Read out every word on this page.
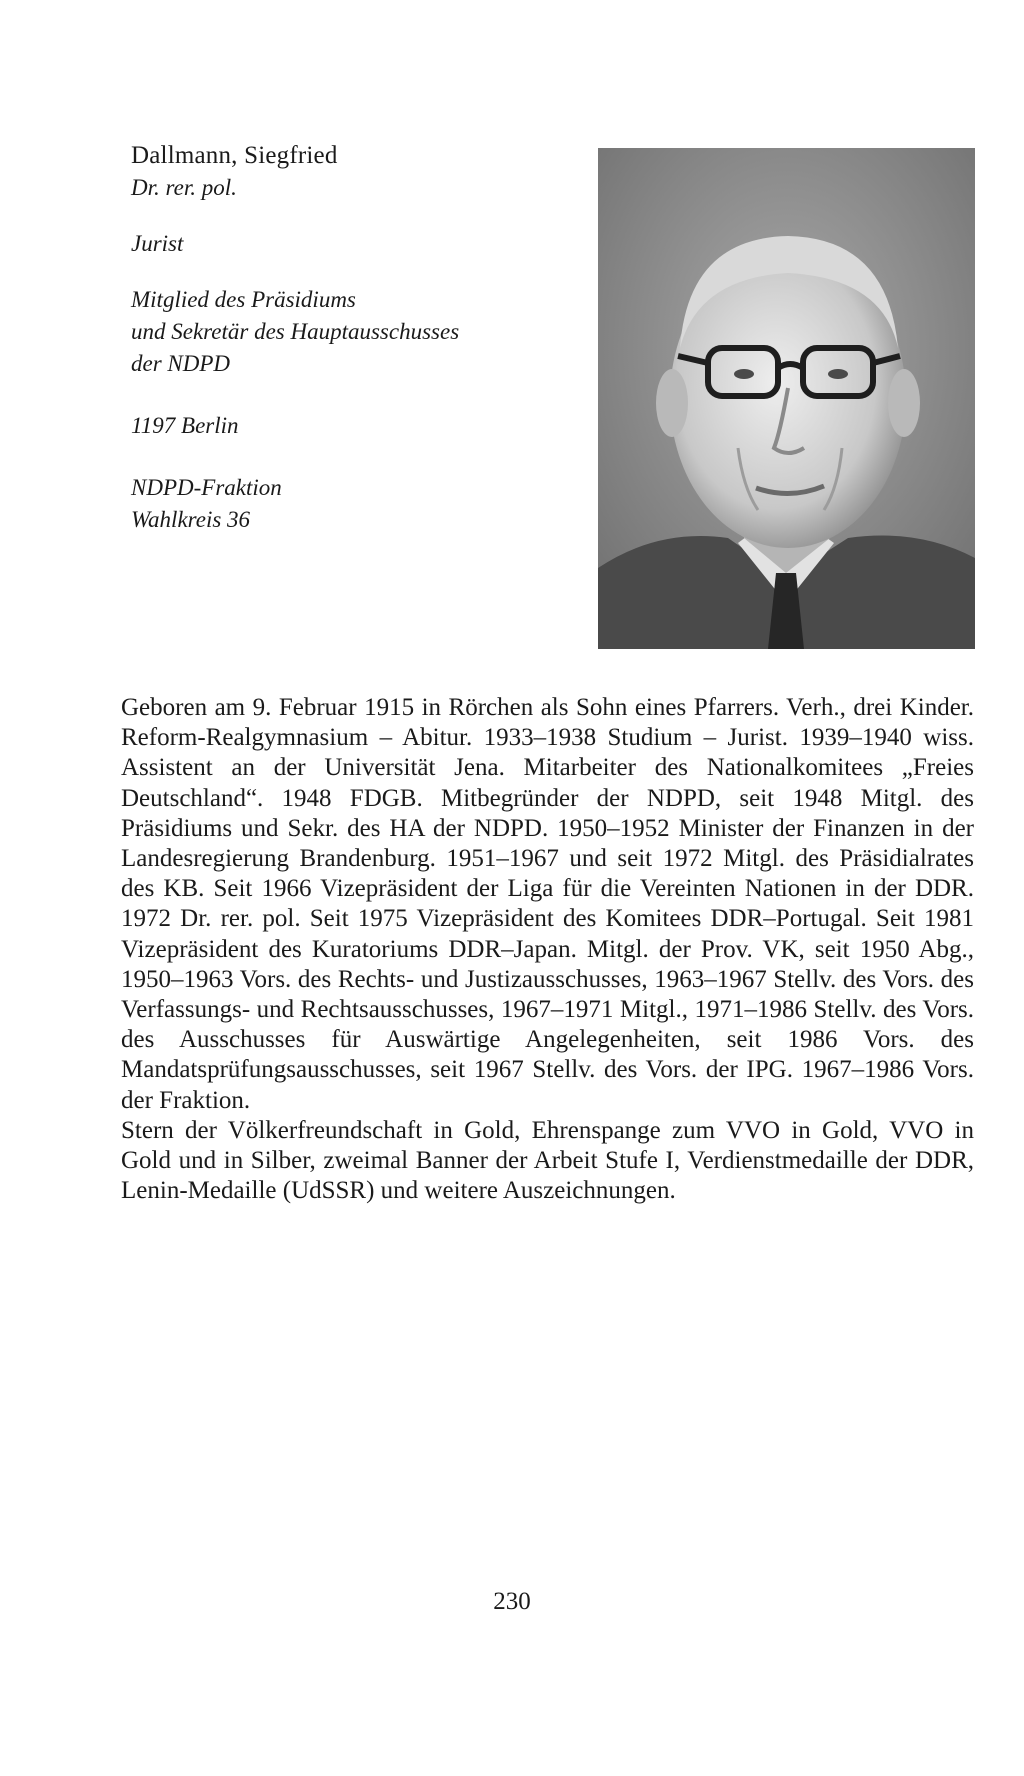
Dallmann, Siegfried
Dr. rer. pol.
Jurist
Mitglied des Präsidiums
und Sekretär des Hauptausschusses
der NDPD
1197 Berlin
NDPD-Fraktion
Wahlkreis 36

Geboren am 9. Februar 1915 in Rörchen als Sohn eines Pfarrers. Verh., drei Kinder. Reform-Realgymnasium – Abitur. 1933–1938 Studium – Jurist. 1939–1940 wiss. Assistent an der Universität Jena. Mitarbeiter des Nationalkomitees „Freies Deutschland“. 1948 FDGB. Mitbegründer der NDPD, seit 1948 Mitgl. des Präsidiums und Sekr. des HA der NDPD. 1950–1952 Minister der Finanzen in der Landesregierung Brandenburg. 1951–1967 und seit 1972 Mitgl. des Präsidialrates des KB. Seit 1966 Vizepräsident der Liga für die Vereinten Nationen in der DDR. 1972 Dr. rer. pol. Seit 1975 Vizepräsident des Komitees DDR–Portugal. Seit 1981 Vizepräsident des Kuratoriums DDR–Japan. Mitgl. der Prov. VK, seit 1950 Abg., 1950–1963 Vors. des Rechts- und Justizausschusses, 1963–1967 Stellv. des Vors. des Verfassungs- und Rechtsausschusses, 1967–1971 Mitgl., 1971–1986 Stellv. des Vors. des Ausschusses für Auswärtige Angelegenheiten, seit 1986 Vors. des Mandatsprüfungsausschusses, seit 1967 Stellv. des Vors. der IPG. 1967–1986 Vors. der Fraktion.

Stern der Völkerfreundschaft in Gold, Ehrenspange zum VVO in Gold, VVO in Gold und in Silber, zweimal Banner der Arbeit Stufe I, Verdienstmedaille der DDR, Lenin-Medaille (UdSSR) und weitere Auszeichnungen.

230
